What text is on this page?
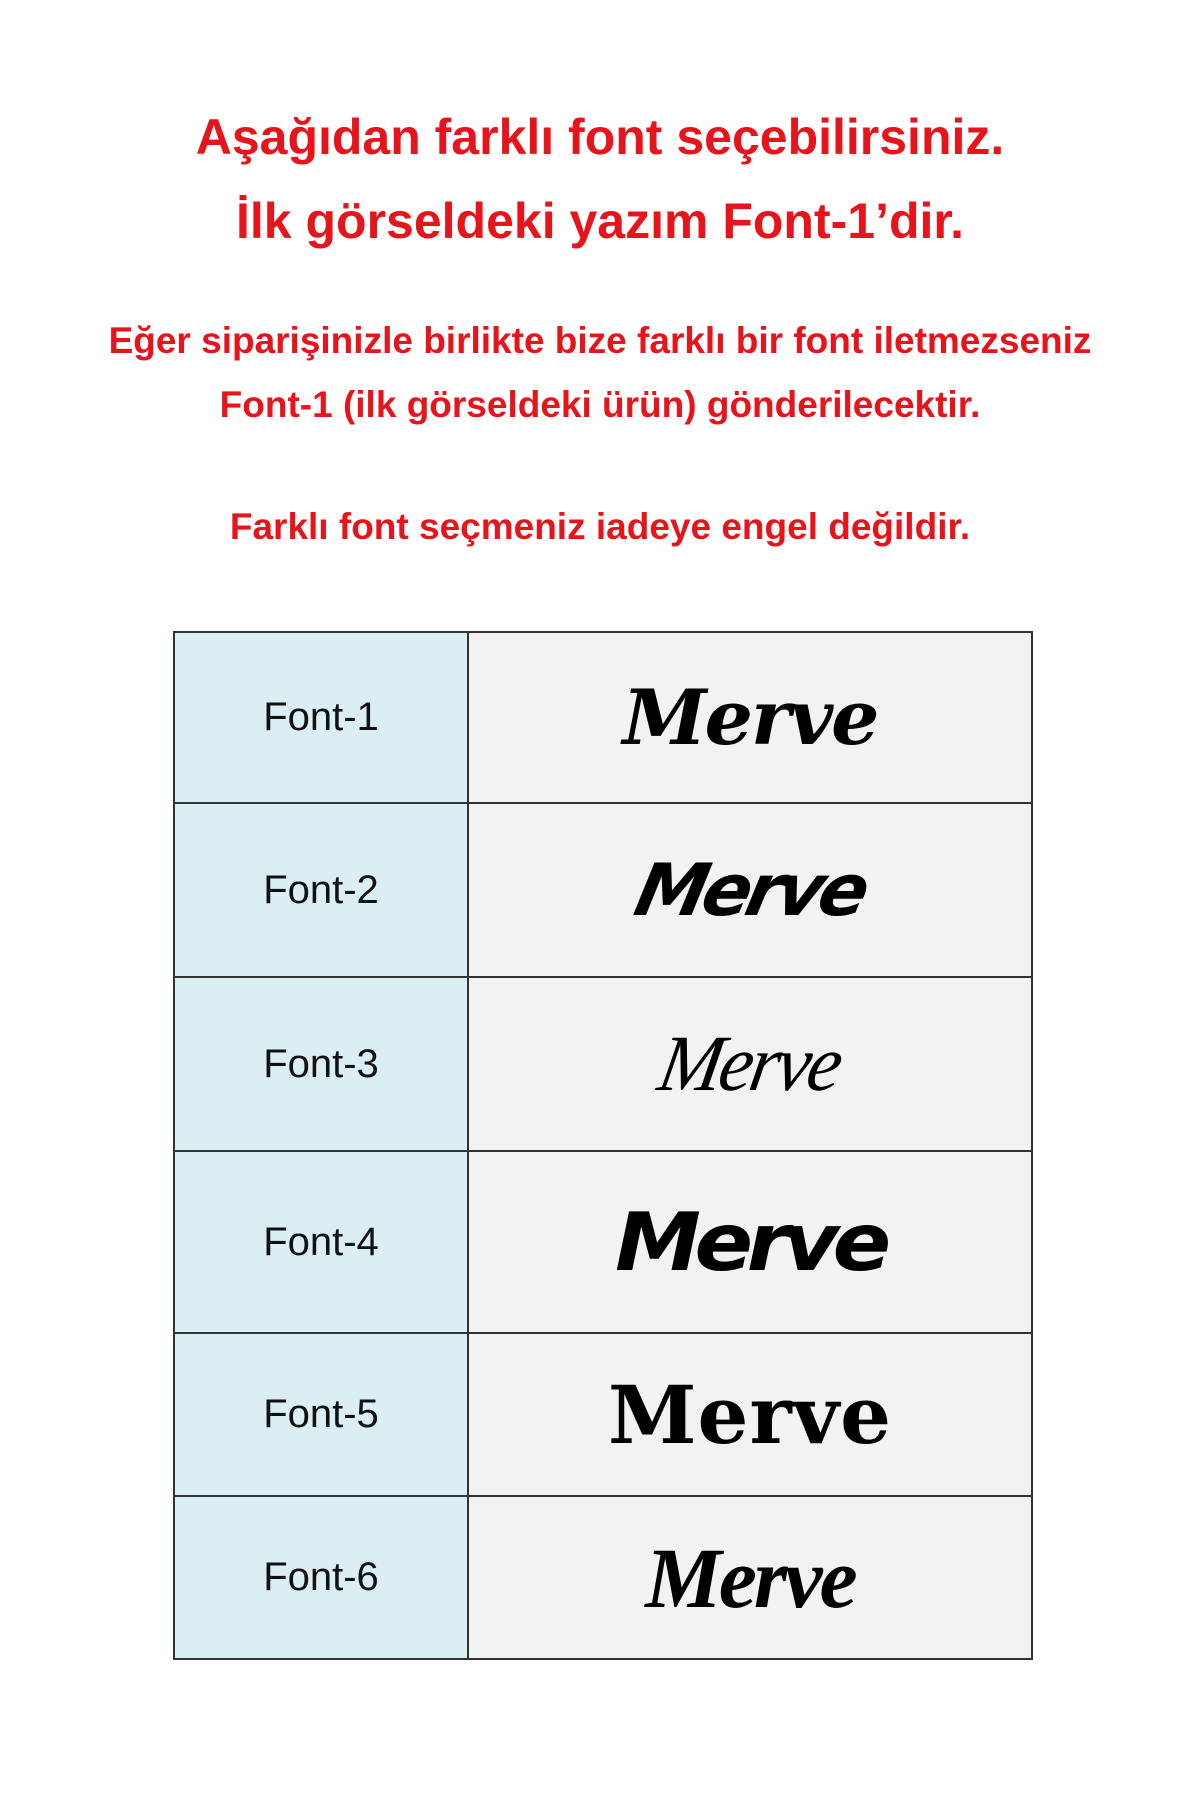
Aşağıdan farklı font seçebilirsiniz.

İlk görseldeki yazım Font-1’dir.

Eğer siparişinizle birlikte bize farklı bir font iletmezseniz

Font-1 (ilk görseldeki ürün) gönderilecektir.

Farklı font seçmeniz iadeye engel değildir.

Font-1	Merve
Font-2	Merve
Font-3	Merve
Font-4	Merve
Font-5	Merve
Font-6	Merve
